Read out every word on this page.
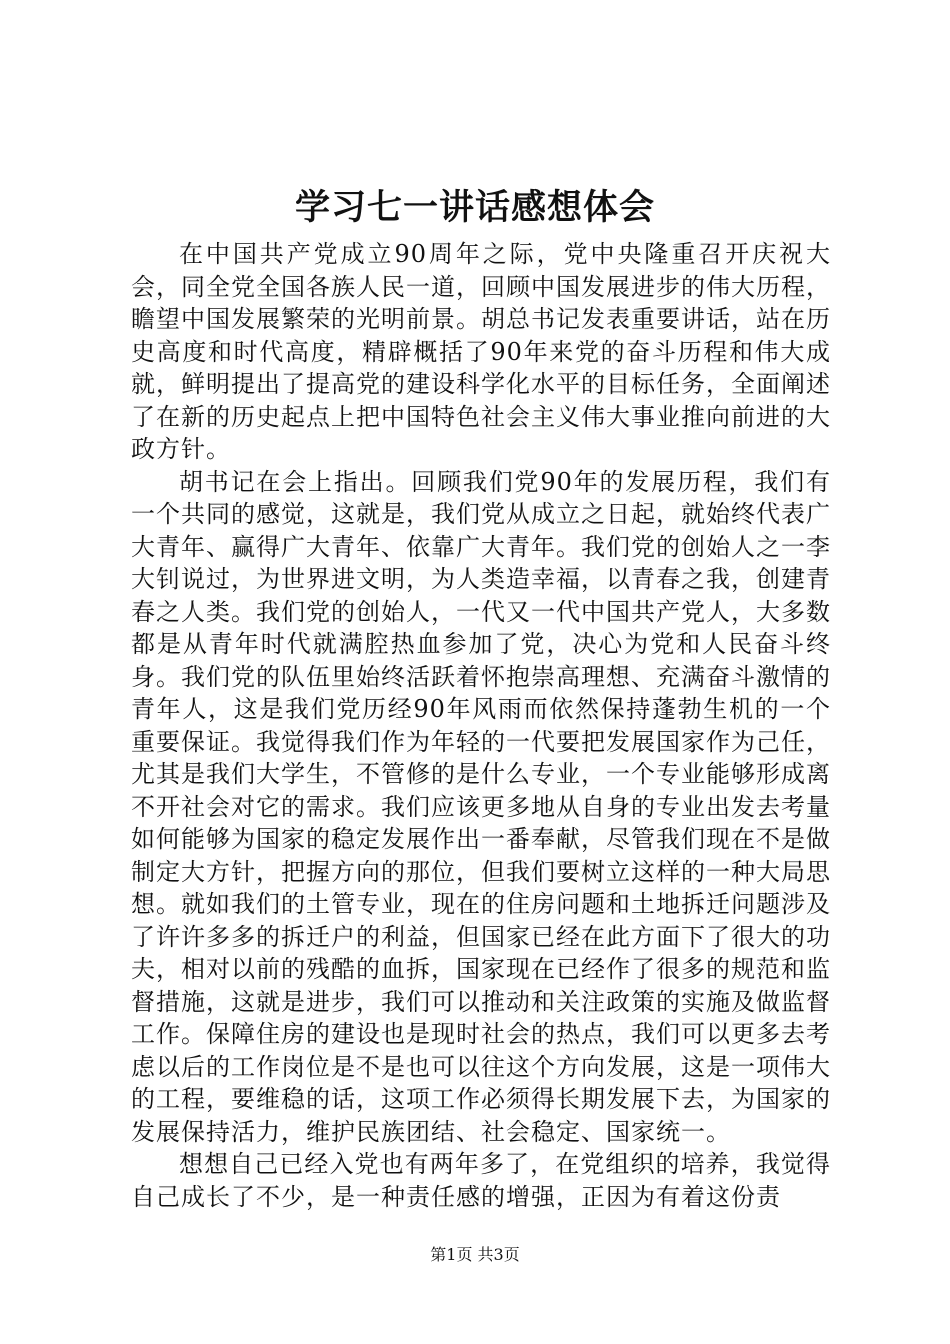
学习七一讲话感想体会

在中国共产党成立90周年之际，党中央隆重召开庆祝大会，同全党全国各族人民一道，回顾中国发展进步的伟大历程，瞻望中国发展繁荣的光明前景。胡总书记发表重要讲话，站在历史高度和时代高度，精辟概括了90年来党的奋斗历程和伟大成就，鲜明提出了提高党的建设科学化水平的目标任务，全面阐述了在新的历史起点上把中国特色社会主义伟大事业推向前进的大政方针。

胡书记在会上指出。回顾我们党90年的发展历程，我们有一个共同的感觉，这就是，我们党从成立之日起，就始终代表广大青年、赢得广大青年、依靠广大青年。我们党的创始人之一李大钊说过，为世界进文明，为人类造幸福，以青春之我，创建青春之人类。我们党的创始人，一代又一代中国共产党人，大多数都是从青年时代就满腔热血参加了党，决心为党和人民奋斗终身。我们党的队伍里始终活跃着怀抱崇高理想、充满奋斗激情的青年人，这是我们党历经90年风雨而依然保持蓬勃生机的一个重要保证。我觉得我们作为年轻的一代要把发展国家作为己任，尤其是我们大学生，不管修的是什么专业，一个专业能够形成离不开社会对它的需求。我们应该更多地从自身的专业出发去考量如何能够为国家的稳定发展作出一番奉献，尽管我们现在不是做制定大方针，把握方向的那位，但我们要树立这样的一种大局思想。就如我们的土管专业，现在的住房问题和土地拆迁问题涉及了许许多多的拆迁户的利益，但国家已经在此方面下了很大的功夫，相对以前的残酷的血拆，国家现在已经作了很多的规范和监督措施，这就是进步，我们可以推动和关注政策的实施及做监督工作。保障住房的建设也是现时社会的热点，我们可以更多去考虑以后的工作岗位是不是也可以往这个方向发展，这是一项伟大的工程，要维稳的话，这项工作必须得长期发展下去，为国家的发展保持活力，维护民族团结、社会稳定、国家统一。

想想自己已经入党也有两年多了，在党组织的培养，我觉得自己成长了不少，是一种责任感的增强，正因为有着这份责

第1页 共3页
